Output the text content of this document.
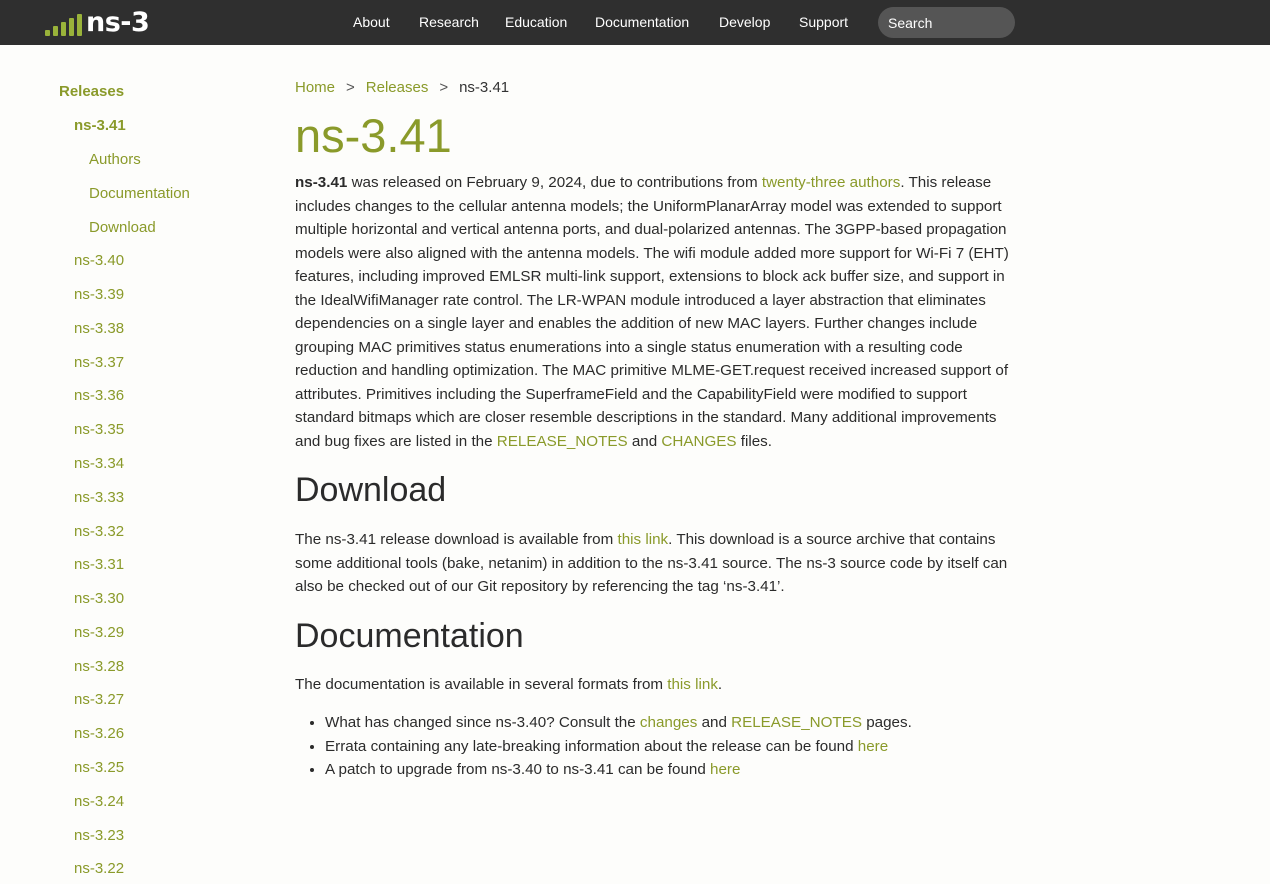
ns-3	About Research Education Documentation Develop Support
Search
Releases
ns-3.41
Authors
Documentation
Download
ns-3.40
ns-3.39
ns-3.38
ns-3.37
ns-3.36
ns-3.35
ns-3.34
ns-3.33
ns-3.32
ns-3.31
ns-3.30
ns-3.29
ns-3.28
ns-3.27
ns-3.26
ns-3.25
ns-3.24
ns-3.23
ns-3.22
Home > Releases > ns-3.41
ns-3.41

ns-3.41 was released on February 9, 2024, due to contributions from twenty-three authors. This release includes changes to the cellular antenna models; the UniformPlanarArray model was extended to support multiple horizontal and vertical antenna ports, and dual-polarized antennas. The 3GPP-based propagation models were also aligned with the antenna models. The wifi module added more support for Wi-Fi 7 (EHT) features, including improved EMLSR multi-link support, extensions to block ack buffer size, and support in the IdealWifiManager rate control. The LR-WPAN module introduced a layer abstraction that eliminates dependencies on a single layer and enables the addition of new MAC layers. Further changes include grouping MAC primitives status enumerations into a single status enumeration with a resulting code reduction and handling optimization. The MAC primitive MLME-GET.request received increased support of attributes. Primitives including the SuperframeField and the CapabilityField were modified to support standard bitmaps which are closer resemble descriptions in the standard. Many additional improvements and bug fixes are listed in the RELEASE_NOTES and CHANGES files.

Download

The ns-3.41 release download is available from this link. This download is a source archive that contains some additional tools (bake, netanim) in addition to the ns-3.41 source. The ns-3 source code by itself can also be checked out of our Git repository by referencing the tag ‘ns-3.41’.

Documentation

The documentation is available in several formats from this link.

• What has changed since ns-3.40? Consult the changes and RELEASE_NOTES pages.
• Errata containing any late-breaking information about the release can be found here
• A patch to upgrade from ns-3.40 to ns-3.41 can be found here
